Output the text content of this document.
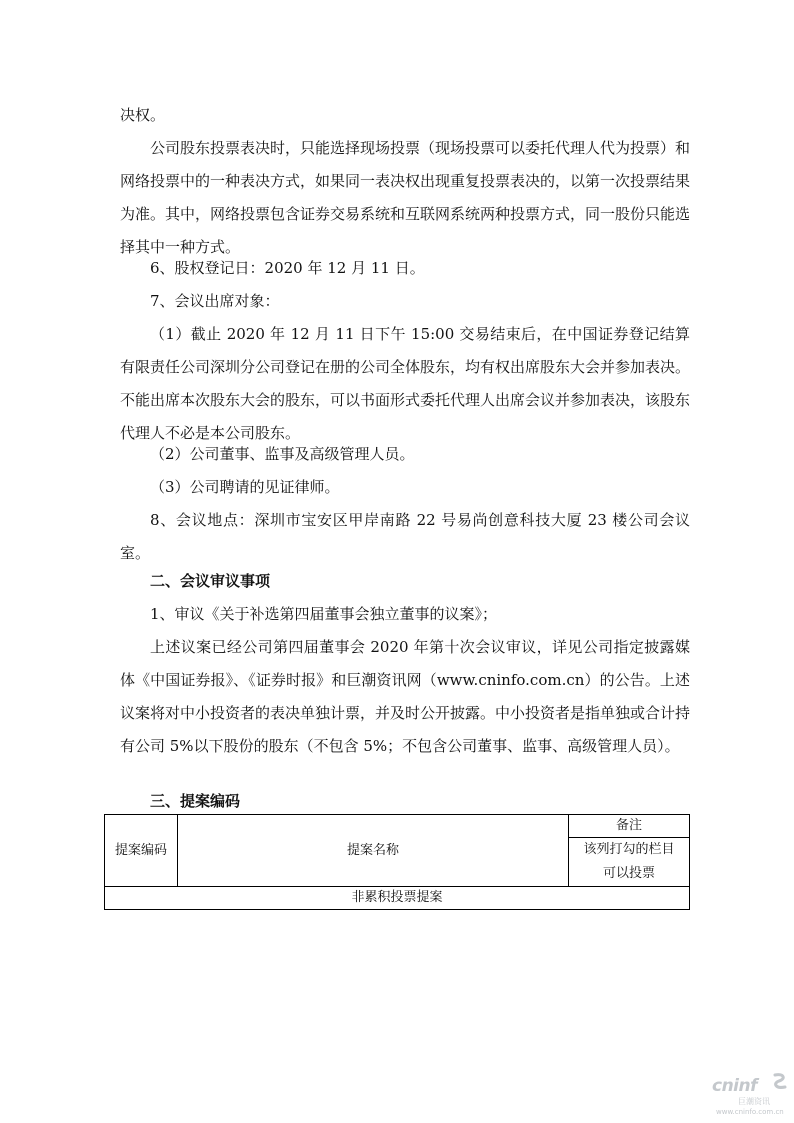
决权。

公司股东投票表决时，只能选择现场投票（现场投票可以委托代理人代为投票）和网络投票中的一种表决方式，如果同一表决权出现重复投票表决的，以第一次投票结果为准。其中，网络投票包含证券交易系统和互联网系统两种投票方式，同一股份只能选择其中一种方式。

6、股权登记日：2020 年 12 月 11 日。

7、会议出席对象：

（1）截止 2020 年 12 月 11 日下午 15:00 交易结束后，在中国证券登记结算有限责任公司深圳分公司登记在册的公司全体股东，均有权出席股东大会并参加表决。不能出席本次股东大会的股东，可以书面形式委托代理人出席会议并参加表决，该股东代理人不必是本公司股东。

（2）公司董事、监事及高级管理人员。

（3）公司聘请的见证律师。

8、会议地点：深圳市宝安区甲岸南路 22 号易尚创意科技大厦 23 楼公司会议室。

二、会议审议事项

1、审议《关于补选第四届董事会独立董事的议案》；

上述议案已经公司第四届董事会 2020 年第十次会议审议，详见公司指定披露媒体《中国证券报》、《证券时报》和巨潮资讯网（www.cninfo.com.cn）的公告。上述议案将对中小投资者的表决单独计票，并及时公开披露。中小投资者是指单独或合计持有公司 5%以下股份的股东（不包含 5%；不包含公司董事、监事、高级管理人员）。

三、提案编码
提案编码	提案名称	备注
该列打勾的栏目
可以投票
非累积投票提案
cninf
巨潮资讯
www.cninfo.com.cn
